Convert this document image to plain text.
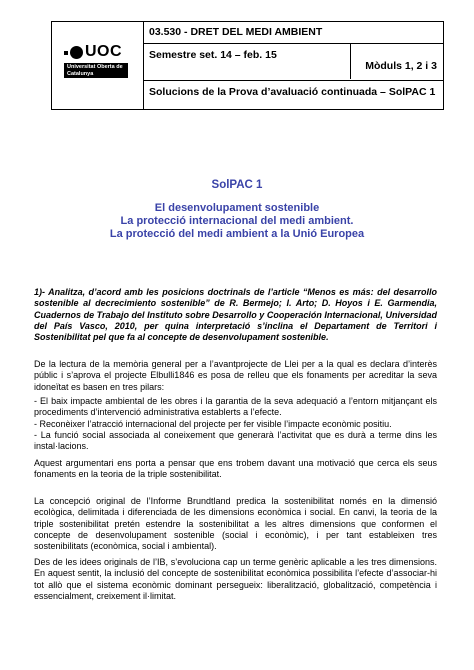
UOC
Universitat Oberta de Catalunya
03.530 - DRET DEL MEDI AMBIENT
Semestre set. 14 – feb. 15
Mòduls 1, 2 i 3
Solucions de la Prova d’avaluació continuada – SolPAC 1
SolPAC 1
El desenvolupament sostenible
La protecció internacional del medi ambient.
La protecció del medi ambient a la Unió Europea
1)- Analitza, d’acord amb les posicions doctrinals de l’article “Menos es más: del desarrollo sostenible al decrecimiento sostenible” de R. Bermejo; I. Arto; D. Hoyos i E. Garmendia, Cuadernos de Trabajo del Instituto sobre Desarrollo y Cooperación Internacional, Universidad del País Vasco, 2010, per quina interpretació s’inclina el Departament de Territori i Sostenibilitat pel que fa al concepte de desenvolupament sostenible.
De la lectura de la memòria general per a l’avantprojecte de Llei per a la qual es declara d’interès públic i s’aprova el projecte Elbulli1846 es posa de relleu que els fonaments per acreditar la seva idoneïtat es basen en tres pilars:
- El baix impacte ambiental de les obres i la garantia de la seva adequació a l’entorn mitjançant els procediments d’intervenció administrativa establerts a l’efecte.
- Reconèixer l’atracció internacional del projecte per fer visible l’impacte econòmic positiu.
- La funció social associada al coneixement que generarà l’activitat que es durà a terme dins les instal·lacions.
Aquest argumentari ens porta a pensar que ens trobem davant una motivació que cerca els seus fonaments en la teoria de la triple sostenibilitat.
La concepció original de l’Informe Brundtland predica la sostenibilitat només en la dimensió ecològica, delimitada i diferenciada de les dimensions econòmica i social. En canvi, la teoria de la triple sostenibilitat pretén estendre la sostenibilitat a les altres dimensions que conformen el concepte de desenvolupament sostenible (social i econòmic), i per tant estableixen tres sostenibilitats (econòmica, social i ambiental).
Des de les idees originals de l’IB, s’evoluciona cap un terme genèric aplicable a les tres dimensions. En aquest sentit, la inclusió del concepte de sostenibilitat econòmica possibilita l’efecte d’associar-hi tot allò que el sistema econòmic dominant persegueix: liberalització, globalització, competència i essencialment, creixement il·limitat.
